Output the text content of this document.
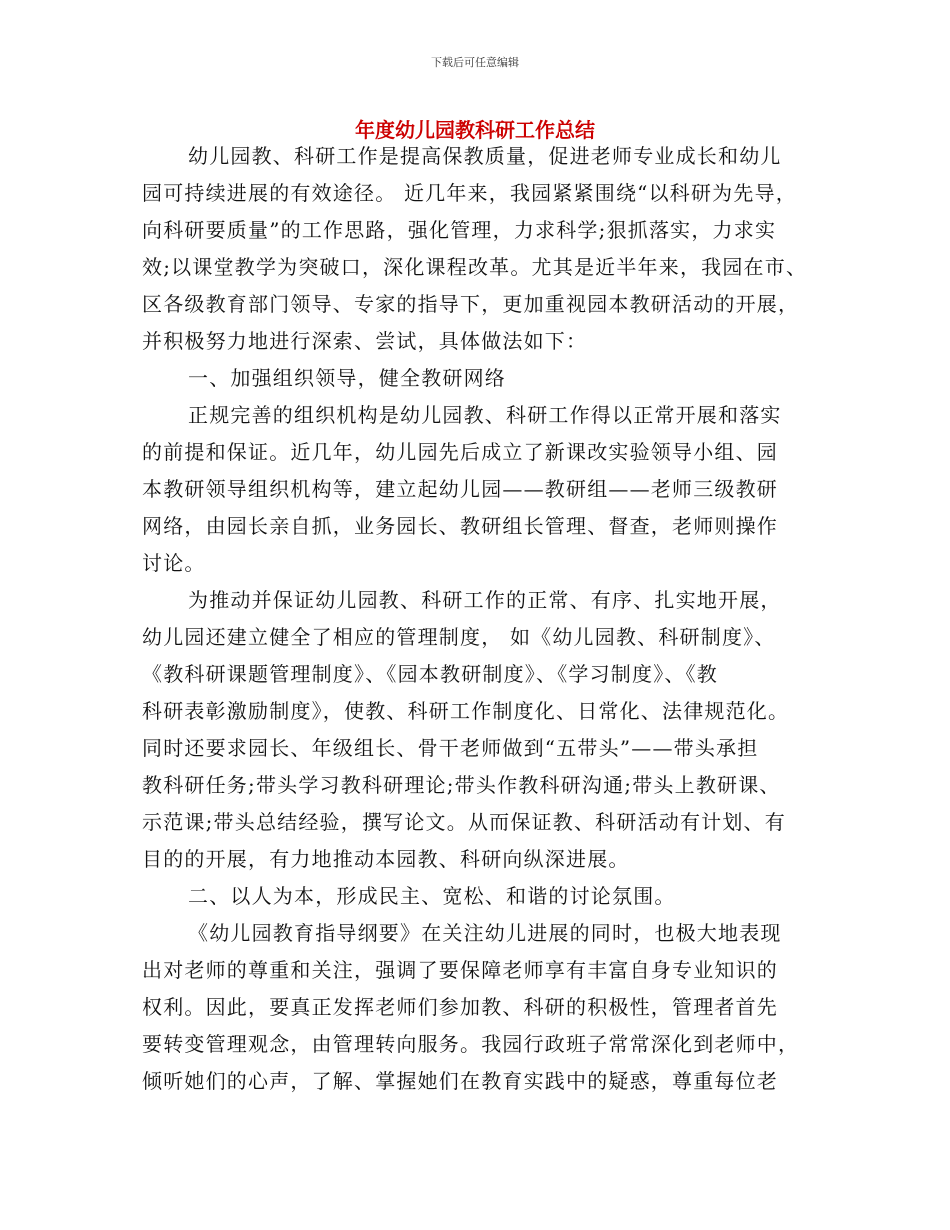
下载后可任意编辑
年度幼儿园教科研工作总结
幼儿园教、科研工作是提高保教质量，促进老师专业成长和幼儿
园可持续进展的有效途径。 近几年来，我园紧紧围绕“以科研为先导，
向科研要质量”的工作思路，强化管理，力求科学;狠抓落实，力求实
效;以课堂教学为突破口，深化课程改革。尤其是近半年来，我园在市、
区各级教育部门领导、专家的指导下，更加重视园本教研活动的开展，
并积极努力地进行深索、尝试，具体做法如下：
一、加强组织领导，健全教研网络
正规完善的组织机构是幼儿园教、科研工作得以正常开展和落实
的前提和保证。近几年，幼儿园先后成立了新课改实验领导小组、园
本教研领导组织机构等，建立起幼儿园——教研组——老师三级教研
网络，由园长亲自抓，业务园长、教研组长管理、督查，老师则操作
讨论。
为推动并保证幼儿园教、科研工作的正常、有序、扎实地开展，
幼儿园还建立健全了相应的管理制度， 如《幼儿园教、科研制度》、
《教科研课题管理制度》、《园本教研制度》、《学习制度》、《教
科研表彰激励制度》，使教、科研工作制度化、日常化、法律规范化。
同时还要求园长、年级组长、骨干老师做到“五带头”——带头承担
教科研任务;带头学习教科研理论;带头作教科研沟通;带头上教研课、
示范课;带头总结经验，撰写论文。从而保证教、科研活动有计划、有
目的的开展，有力地推动本园教、科研向纵深进展。
二、以人为本，形成民主、宽松、和谐的讨论氛围。
《幼儿园教育指导纲要》在关注幼儿进展的同时，也极大地表现
出对老师的尊重和关注，强调了要保障老师享有丰富自身专业知识的
权利。因此，要真正发挥老师们参加教、科研的积极性，管理者首先
要转变管理观念，由管理转向服务。我园行政班子常常深化到老师中，
倾听她们的心声，了解、掌握她们在教育实践中的疑惑，尊重每位老
